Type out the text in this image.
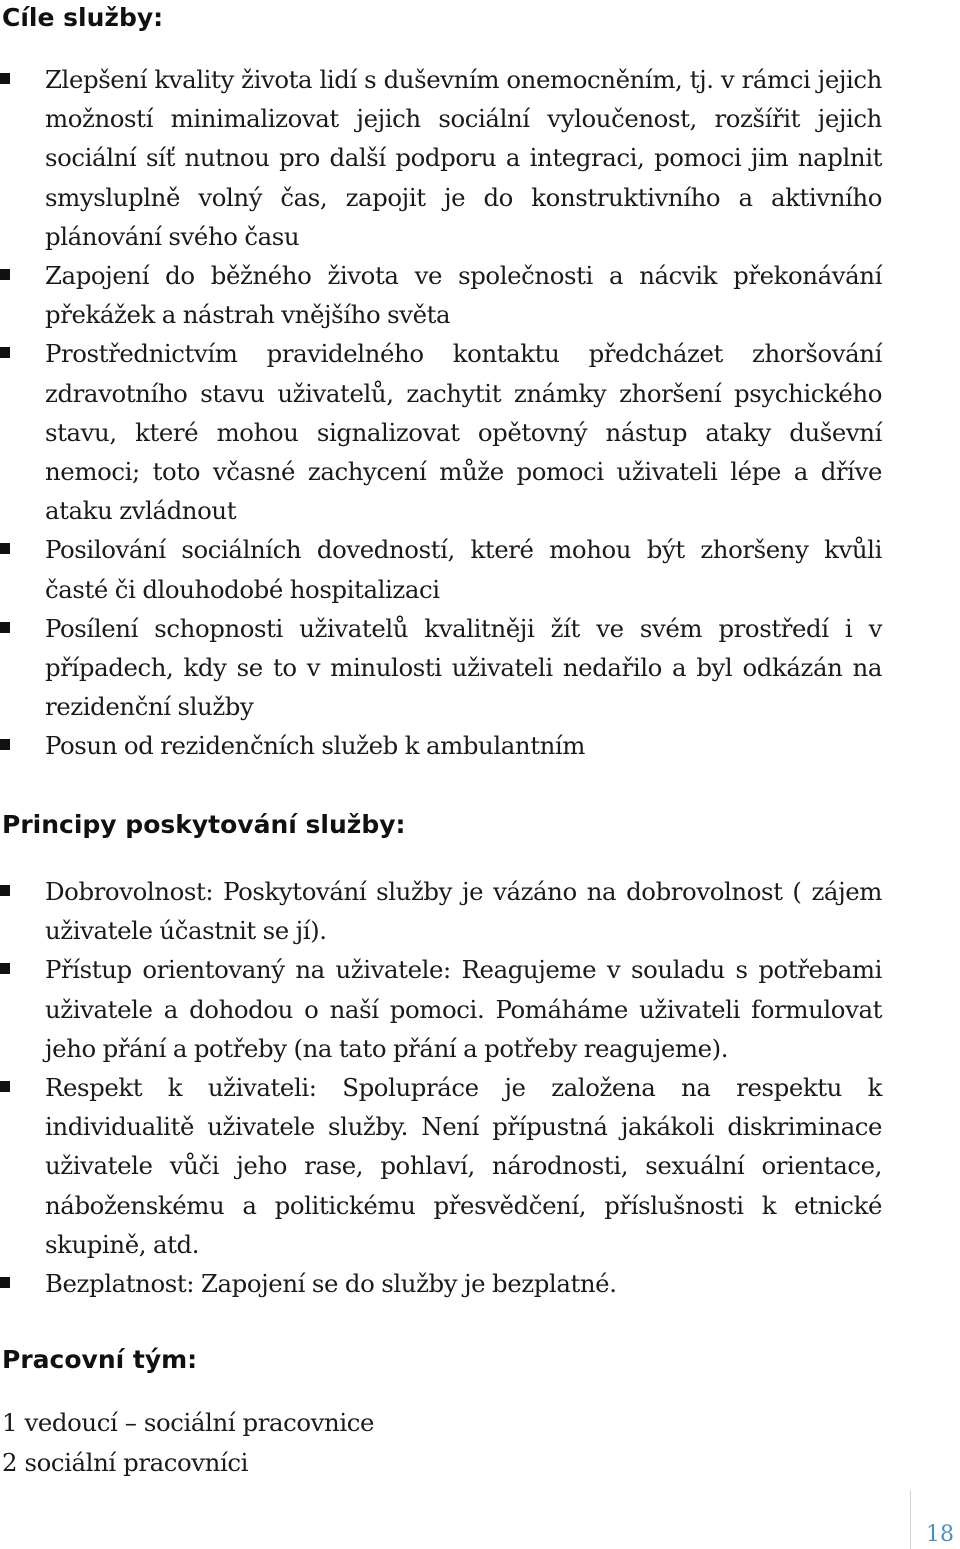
Cíle služby:
Zlepšení kvality života lidí s duševním onemocněním, tj. v rámci jejich možností minimalizovat jejich sociální vyloučenost, rozšířit jejich sociální síť nutnou pro další podporu a integraci, pomoci jim naplnit smysluplně volný čas, zapojit je do konstruktivního a aktivního plánování svého času
Zapojení do běžného života ve společnosti a nácvik překonávání překážek a nástrah vnějšího světa
Prostřednictvím pravidelného kontaktu předcházet zhoršování zdravotního stavu uživatelů, zachytit známky zhoršení psychického stavu, které mohou signalizovat opětovný nástup ataky duševní nemoci; toto včasné zachycení může pomoci uživateli lépe a dříve ataku zvládnout
Posilování sociálních dovedností, které mohou být zhoršeny kvůli časté či dlouhodobé hospitalizaci
Posílení schopnosti uživatelů kvalitněji žít ve svém prostředí i v případech, kdy se to v minulosti uživateli nedařilo a byl odkázán na rezidenční služby
Posun od rezidenčních služeb k ambulantním
Principy poskytování služby:
Dobrovolnost: Poskytování služby je vázáno na dobrovolnost ( zájem uživatele účastnit se jí).
Přístup orientovaný na uživatele: Reagujeme v souladu s potřebami uživatele a dohodou o naší pomoci. Pomáháme uživateli formulovat jeho přání a potřeby (na tato přání a potřeby reagujeme).
Respekt k uživateli: Spolupráce je založena na respektu k individualitě uživatele služby. Není přípustná jakákoli diskriminace uživatele vůči jeho rase, pohlaví, národnosti, sexuální orientace, náboženskému a politickému přesvědčení, příslušnosti k etnické skupině, atd.
Bezplatnost: Zapojení se do služby je bezplatné.
Pracovní tým:
1 vedoucí – sociální pracovnice
2 sociální pracovníci
18
